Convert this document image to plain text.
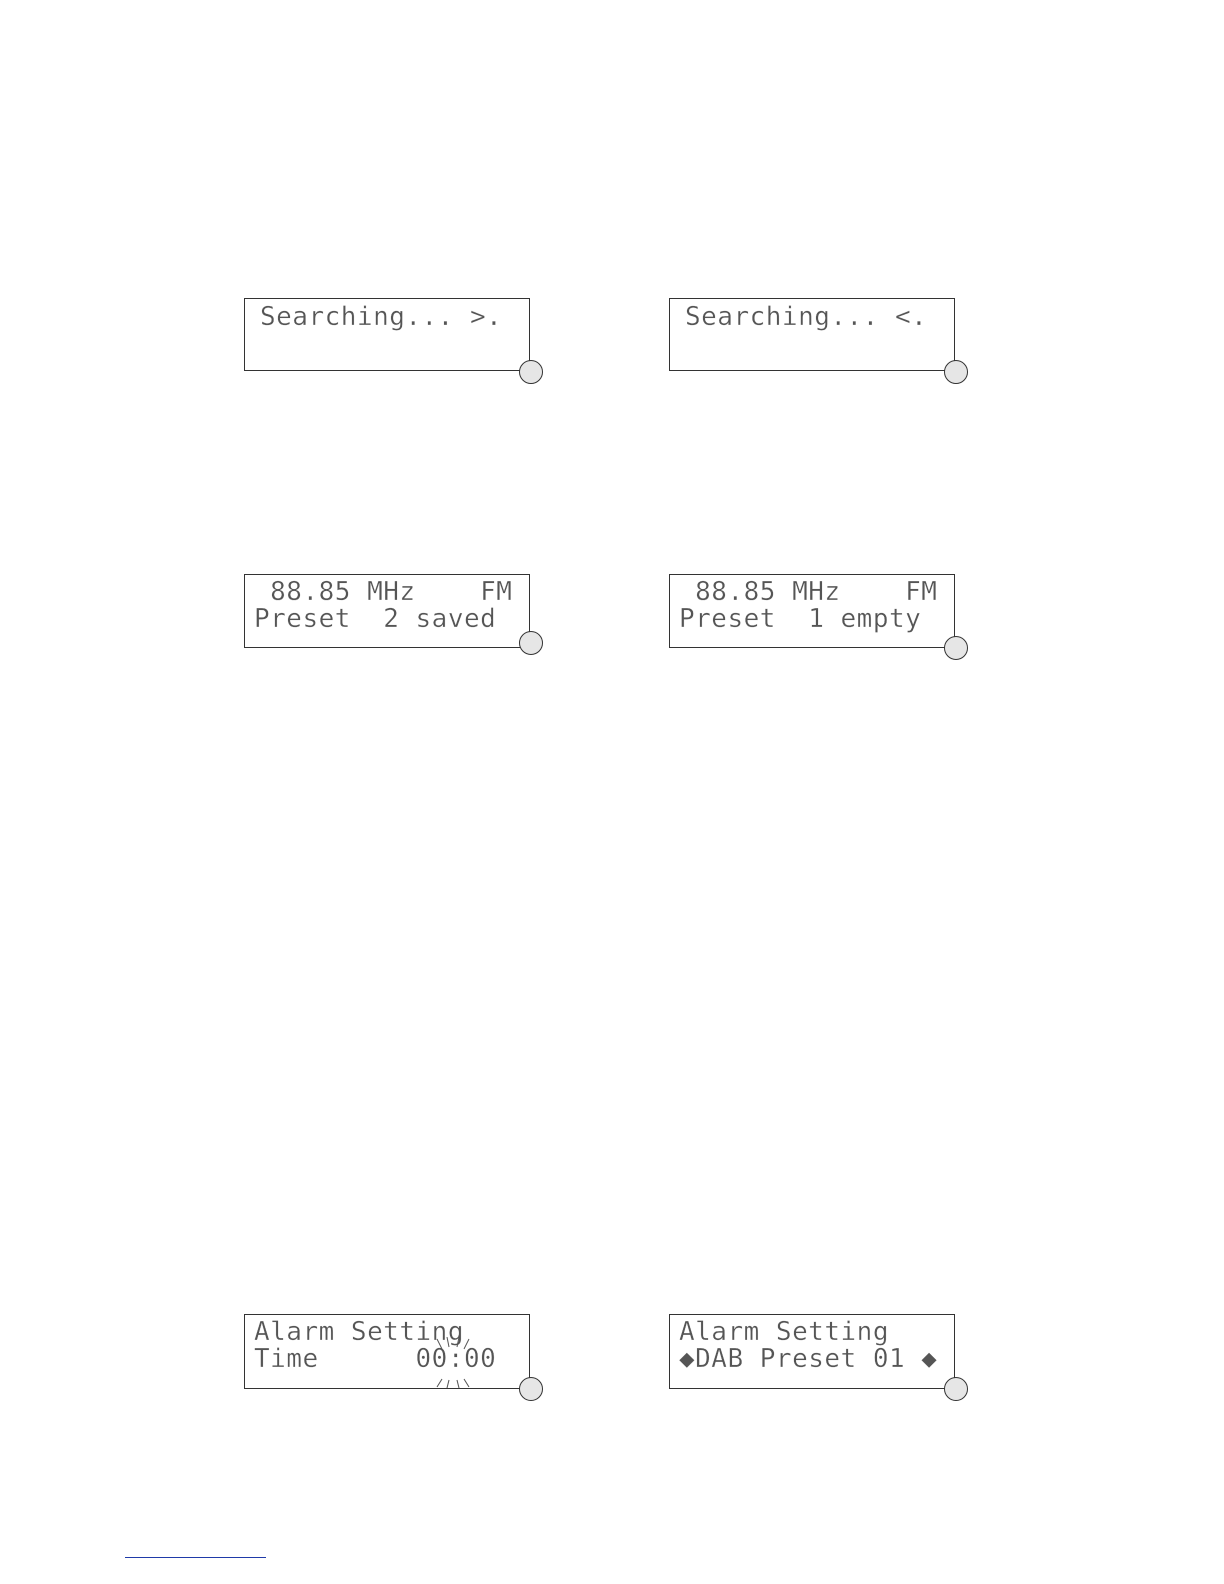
Searching... >.	Searching... <.
88.85 MHz    FM
Preset  2 saved
88.85 MHz    FM
Preset  1 empty
Alarm Setting
Time      00:00
Alarm Setting
◆DAB Preset 01 ◆
